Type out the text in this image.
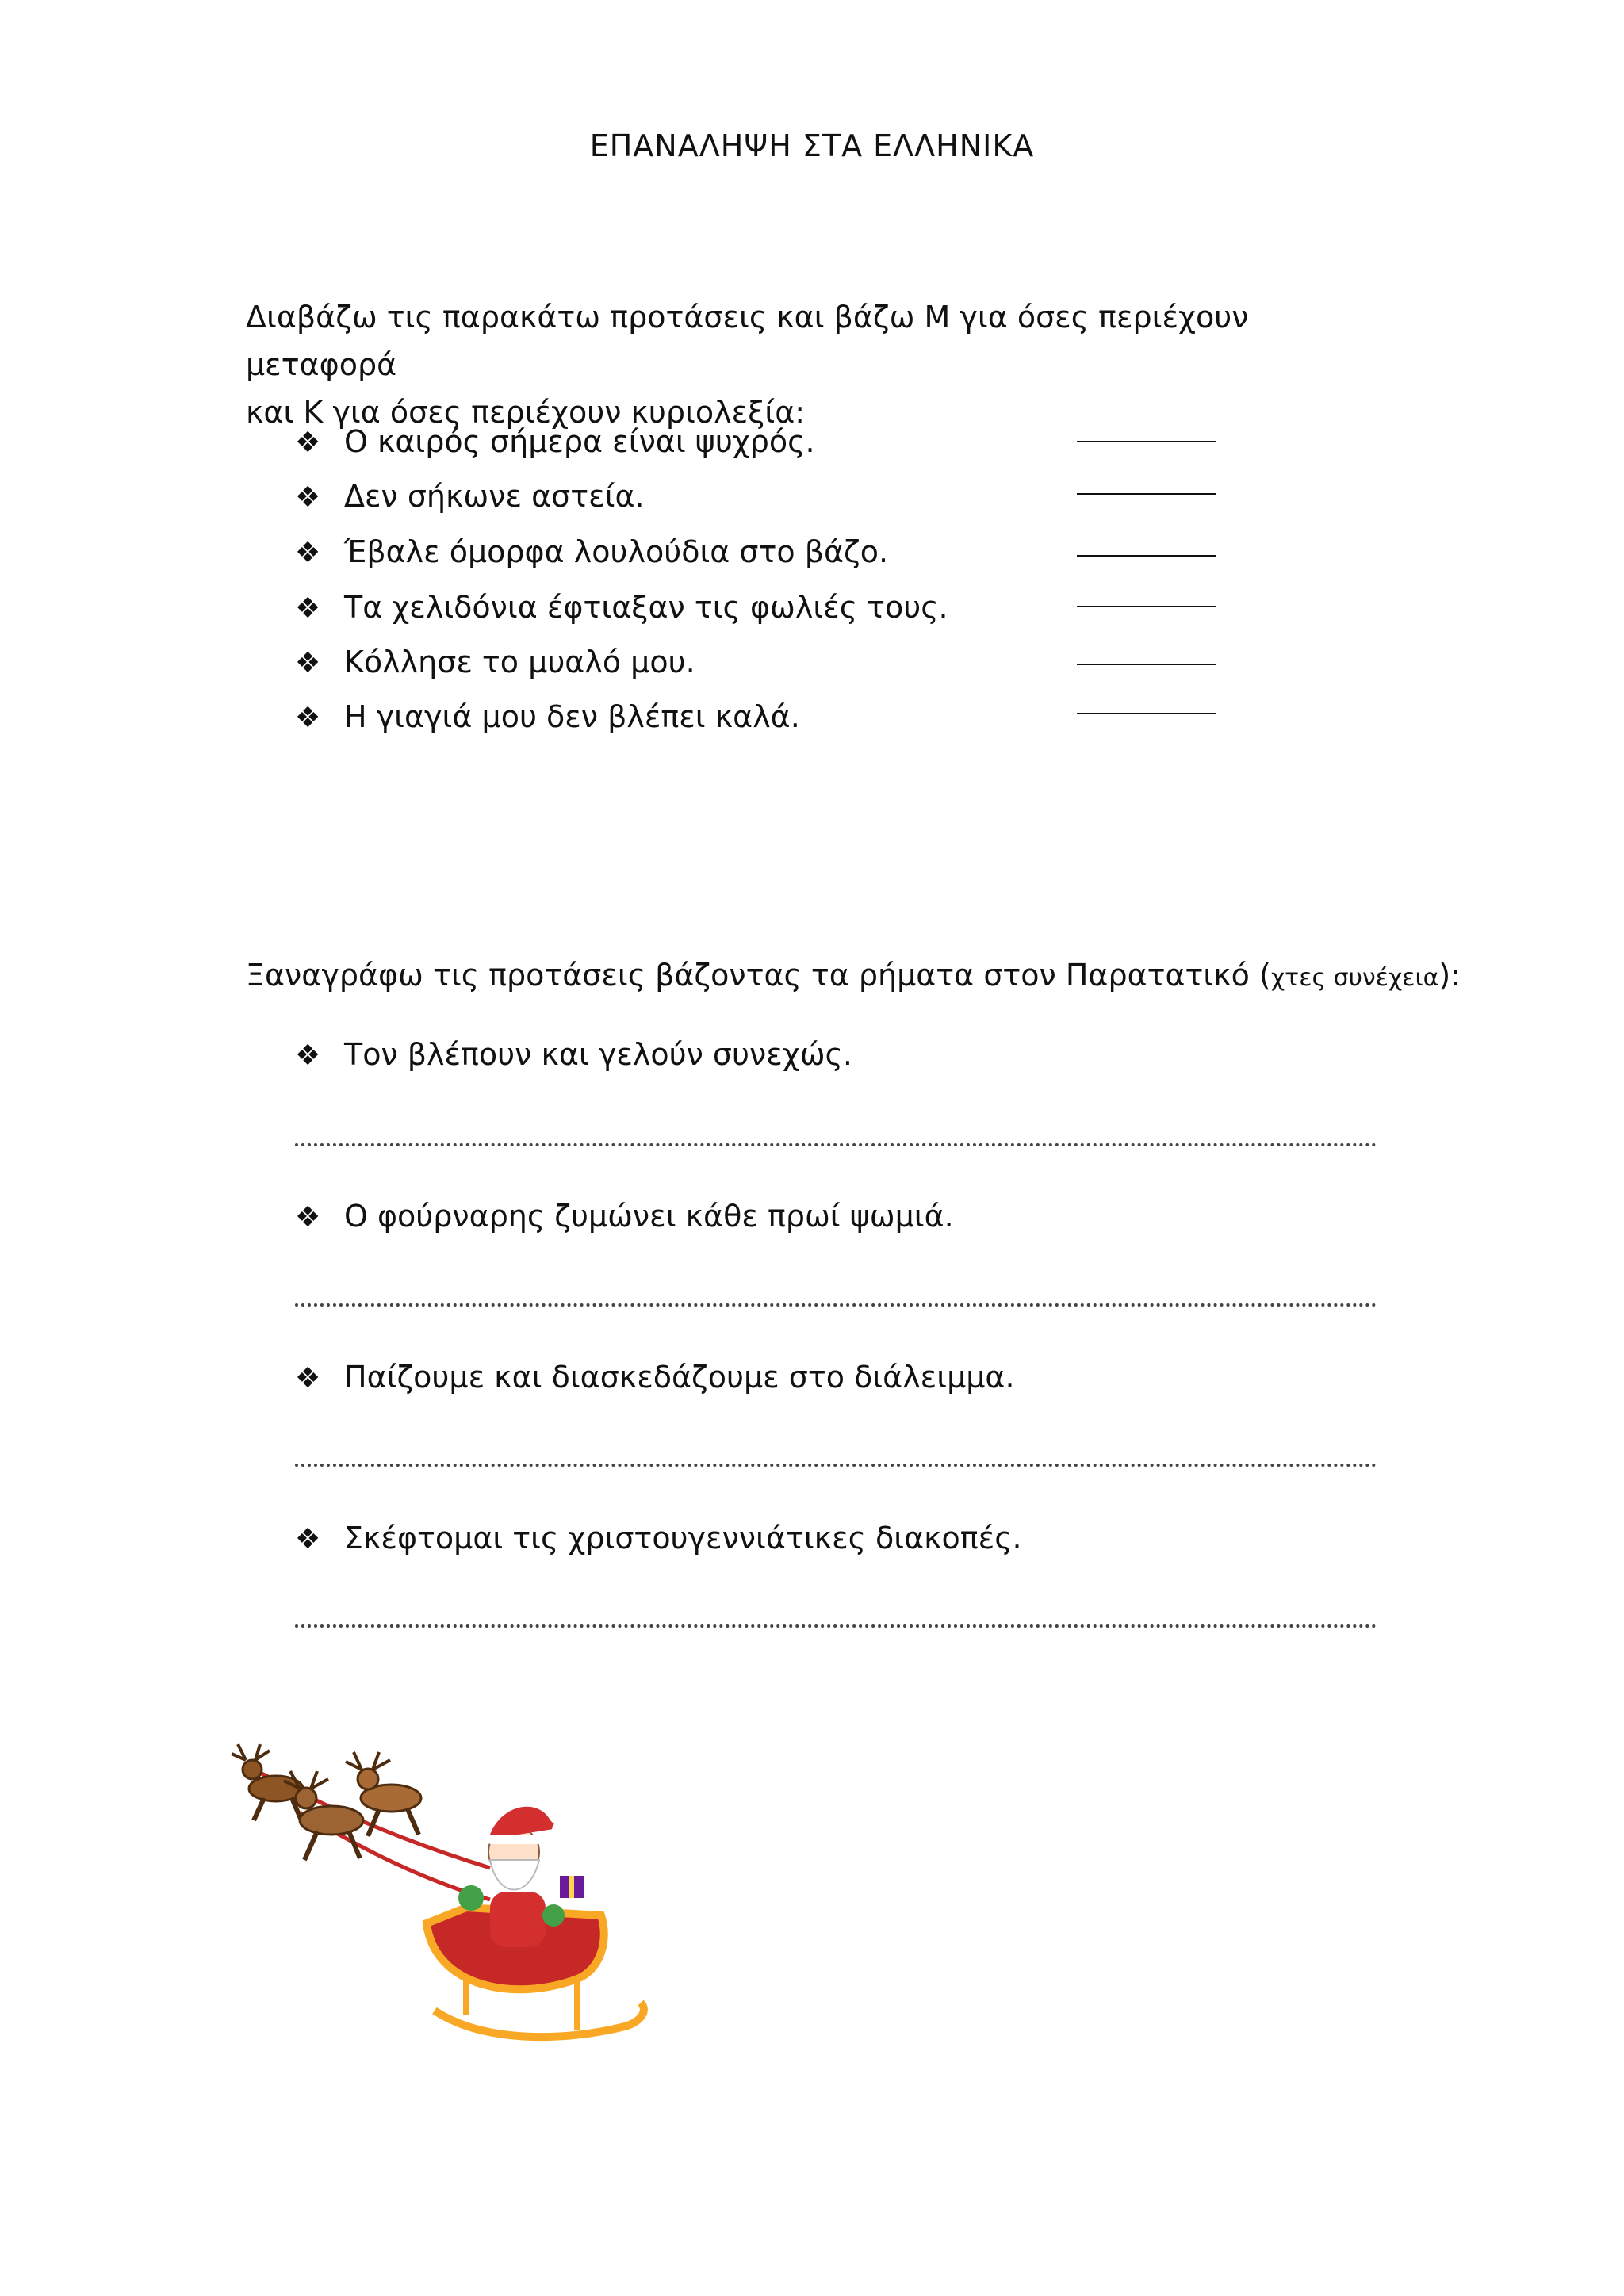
ΕΠΑΝΑΛΗΨΗ ΣΤΑ ΕΛΛΗΝΙΚΑ
Διαβάζω τις παρακάτω προτάσεις και βάζω Μ για όσες περιέχουν μεταφορά
και Κ για όσες περιέχουν κυριολεξία:
❖ Ο καιρός σήμερα είναι ψυχρός.
❖ Δεν σήκωνε αστεία.
❖ Έβαλε όμορφα λουλούδια στο βάζο.
❖ Τα χελιδόνια έφτιαξαν τις φωλιές τους.
❖ Κόλλησε το μυαλό μου.
❖ Η γιαγιά μου δεν βλέπει καλά.
Ξαναγράφω τις προτάσεις βάζοντας τα ρήματα στον Παρατατικό (χτες συνέχεια):
❖ Τον βλέπουν και γελούν συνεχώς.
❖ Ο φούρναρης ζυμώνει κάθε πρωί ψωμιά.
❖ Παίζουμε και διασκεδάζουμε στο διάλειμμα.
❖ Σκέφτομαι τις χριστουγεννιάτικες διακοπές.
